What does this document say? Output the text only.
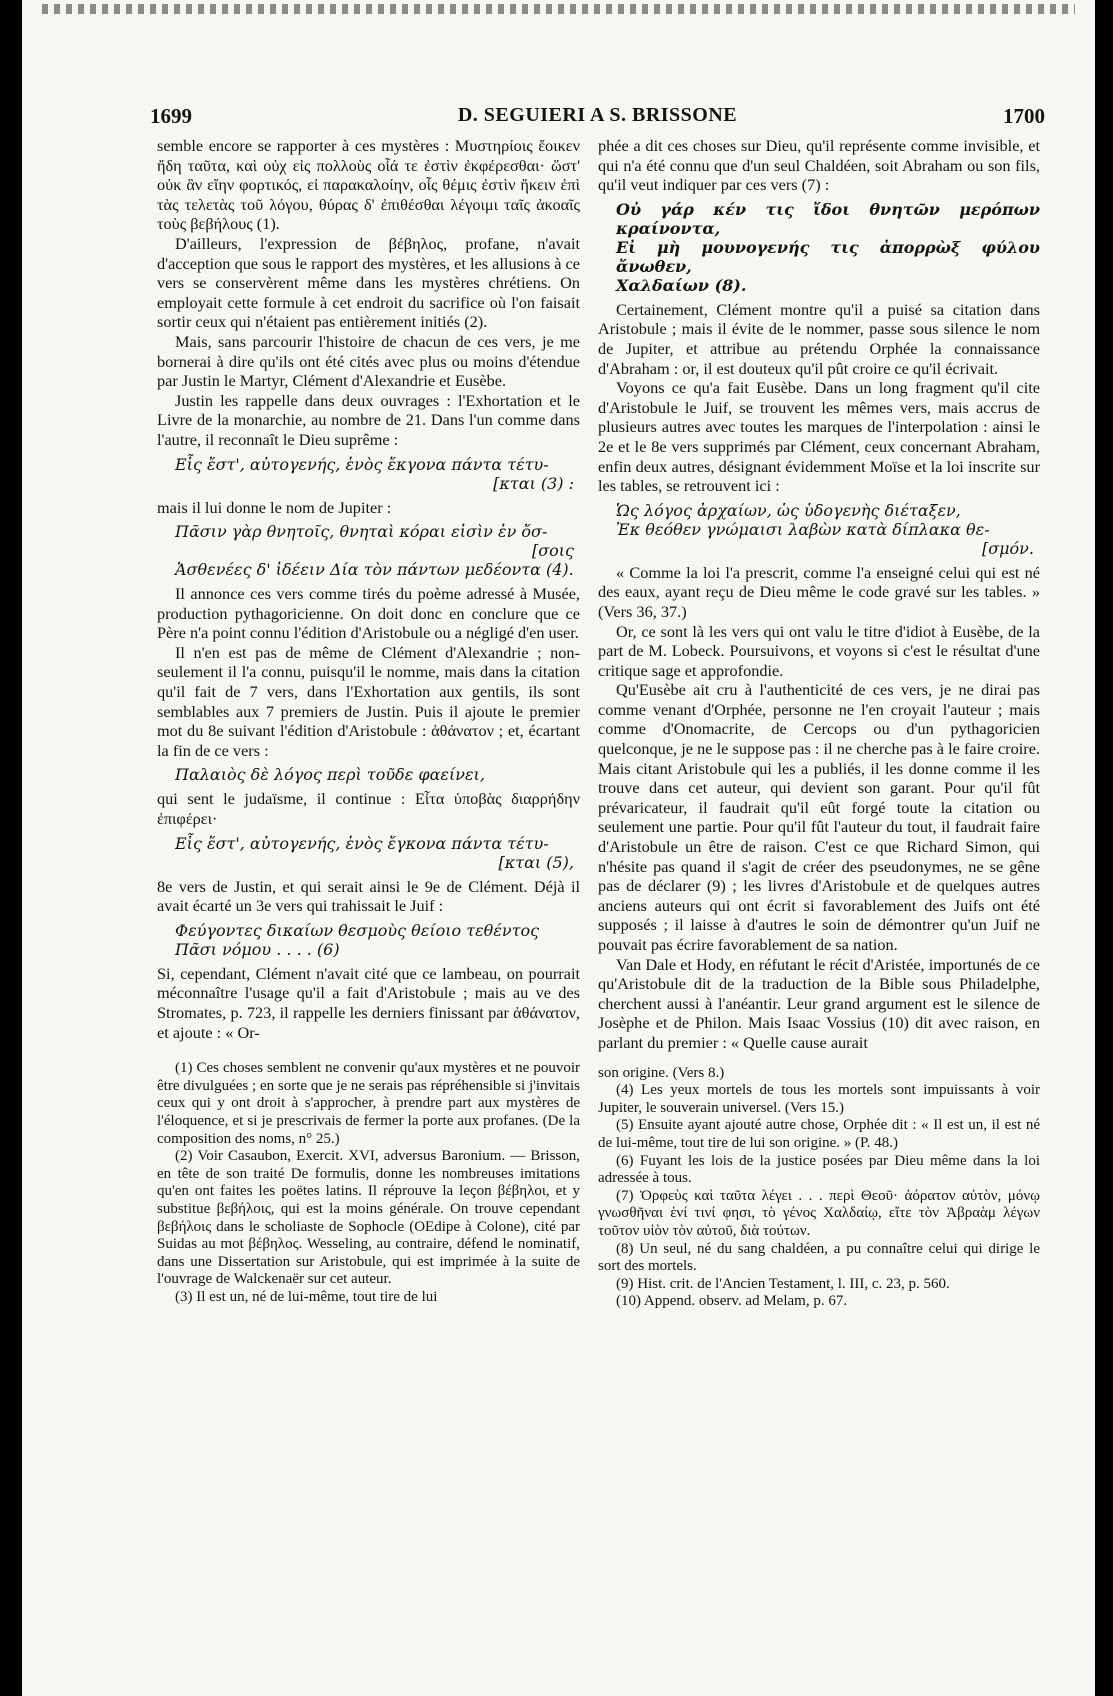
1699	D. SEGUIERI A S. BRISSONE	1700

semble encore se rapporter à ces mystères : Μυστηρίοις ἔοικεν ἤδη ταῦτα, καὶ οὐχ εἰς πολλοὺς οἷά τε ἐστὶν ἐκφέρεσθαι· ὥστ' οὐκ ἂν εἴην φορτικός, εἰ παρακαλοίην, οἷς θέμις ἐστὶν ἥκειν ἐπὶ τὰς τελετὰς τοῦ λόγου, θύρας δ' ἐπιθέσθαι λέγοιμι ταῖς ἀκοαῖς τοὺς βεβήλους (1).

D'ailleurs, l'expression de βέβηλος, profane, n'avait d'acception que sous le rapport des mystères, et les allusions à ce vers se conservèrent même dans les mystères chrétiens. On employait cette formule à cet endroit du sacrifice où l'on faisait sortir ceux qui n'étaient pas entièrement initiés (2).

Mais, sans parcourir l'histoire de chacun de ces vers, je me bornerai à dire qu'ils ont été cités avec plus ou moins d'étendue par Justin le Martyr, Clément d'Alexandrie et Eusèbe.

Justin les rappelle dans deux ouvrages : l'Exhortation et le Livre de la monarchie, au nombre de 21. Dans l'un comme dans l'autre, il reconnaît le Dieu suprême :

Εἷς ἔστ', αὐτογενής, ἑνὸς ἔκγονα πάντα τέτυ-
[κται (3) :

mais il lui donne le nom de Jupiter :

Πᾶσιν γὰρ θνητοῖς, θνηταὶ κόραι εἰσὶν ἐν ὄσ-
[σοις
Ἀσθενέες δ' ἰδέειν Δία τὸν πάντων μεδέοντα (4).

Il annonce ces vers comme tirés du poème adressé à Musée, production pythagoricienne. On doit donc en conclure que ce Père n'a point connu l'édition d'Aristobule ou a négligé d'en user.

Il n'en est pas de même de Clément d'Alexandrie ; non-seulement il l'a connu, puisqu'il le nomme, mais dans la citation qu'il fait de 7 vers, dans l'Exhortation aux gentils, ils sont semblables aux 7 premiers de Justin. Puis il ajoute le premier mot du 8e suivant l'édition d'Aristobule : ἀθάνατον ; et, écartant la fin de ce vers :

Παλαιὸς δὲ λόγος περὶ τοῦδε φαείνει,

qui sent le judaïsme, il continue : Εἶτα ὑποβὰς διαρρήδην ἐπιφέρει·

Εἷς ἔστ', αὐτογενής, ἑνὸς ἔγκονα πάντα τέτυ-
[κται (5),

8e vers de Justin, et qui serait ainsi le 9e de Clément. Déjà il avait écarté un 3e vers qui trahissait le Juif :

Φεύγοντες δικαίων θεσμοὺς θείοιο τεθέντος
Πᾶσι νόμου . . . . (6)

Si, cependant, Clément n'avait cité que ce lambeau, on pourrait méconnaître l'usage qu'il a fait d'Aristobule ; mais au ve des Stromates, p. 723, il rappelle les derniers finissant par ἀθάνατον, et ajoute : « Or-

(1) Ces choses semblent ne convenir qu'aux mystères et ne pouvoir être divulguées ; en sorte que je ne serais pas répréhensible si j'invitais ceux qui y ont droit à s'approcher, à prendre part aux mystères de l'éloquence, et si je prescrivais de fermer la porte aux profanes. (De la composition des noms, n° 25.)

(2) Voir Casaubon, Exercit. XVI, adversus Baronium. — Brisson, en tête de son traité De formulis, donne les nombreuses imitations qu'en ont faites les poëtes latins. Il réprouve la leçon βέβηλοι, et y substitue βεβήλοις, qui est la moins générale. On trouve cependant βεβήλοις dans le scholiaste de Sophocle (OEdipe à Colone), cité par Suidas au mot βέβηλος. Wesseling, au contraire, défend le nominatif, dans une Dissertation sur Aristobule, qui est imprimée à la suite de l'ouvrage de Walckenaër sur cet auteur.

(3) Il est un, né de lui-même, tout tire de lui

phée a dit ces choses sur Dieu, qu'il représente comme invisible, et qui n'a été connu que d'un seul Chaldéen, soit Abraham ou son fils, qu'il veut indiquer par ces vers (7) :

Οὐ γάρ κέν τις ἴδοι θνητῶν μερόπων κραίνοντα,
Εἰ μὴ μουνογενής τις ἀπορρὼξ φύλου ἄνωθεν,
Χαλδαίων (8).

Certainement, Clément montre qu'il a puisé sa citation dans Aristobule ; mais il évite de le nommer, passe sous silence le nom de Jupiter, et attribue au prétendu Orphée la connaissance d'Abraham : or, il est douteux qu'il pût croire ce qu'il écrivait.

Voyons ce qu'a fait Eusèbe. Dans un long fragment qu'il cite d'Aristobule le Juif, se trouvent les mêmes vers, mais accrus de plusieurs autres avec toutes les marques de l'interpolation : ainsi le 2e et le 8e vers supprimés par Clément, ceux concernant Abraham, enfin deux autres, désignant évidemment Moïse et la loi inscrite sur les tables, se retrouvent ici :

Ὡς λόγος ἀρχαίων, ὡς ὑδογενὴς διέταξεν,
Ἐκ θεόθεν γνώμαισι λαβὼν κατὰ δίπλακα θε-
[σμόν.

« Comme la loi l'a prescrit, comme l'a enseigné celui qui est né des eaux, ayant reçu de Dieu même le code gravé sur les tables. » (Vers 36, 37.)

Or, ce sont là les vers qui ont valu le titre d'idiot à Eusèbe, de la part de M. Lobeck. Poursuivons, et voyons si c'est le résultat d'une critique sage et approfondie.

Qu'Eusèbe ait cru à l'authenticité de ces vers, je ne dirai pas comme venant d'Orphée, personne ne l'en croyait l'auteur ; mais comme d'Onomacrite, de Cercops ou d'un pythagoricien quelconque, je ne le suppose pas : il ne cherche pas à le faire croire. Mais citant Aristobule qui les a publiés, il les donne comme il les trouve dans cet auteur, qui devient son garant. Pour qu'il fût prévaricateur, il faudrait qu'il eût forgé toute la citation ou seulement une partie. Pour qu'il fût l'auteur du tout, il faudrait faire d'Aristobule un être de raison. C'est ce que Richard Simon, qui n'hésite pas quand il s'agit de créer des pseudonymes, ne se gêne pas de déclarer (9) ; les livres d'Aristobule et de quelques autres anciens auteurs qui ont écrit si favorablement des Juifs ont été supposés ; il laisse à d'autres le soin de démontrer qu'un Juif ne pouvait pas écrire favorablement de sa nation.

Van Dale et Hody, en réfutant le récit d'Aristée, importunés de ce qu'Aristobule dit de la traduction de la Bible sous Philadelphe, cherchent aussi à l'anéantir. Leur grand argument est le silence de Josèphe et de Philon. Mais Isaac Vossius (10) dit avec raison, en parlant du premier : « Quelle cause aurait

son origine. (Vers 8.)

(4) Les yeux mortels de tous les mortels sont impuissants à voir Jupiter, le souverain universel. (Vers 15.)

(5) Ensuite ayant ajouté autre chose, Orphée dit : « Il est un, il est né de lui-même, tout tire de lui son origine. » (P. 48.)

(6) Fuyant les lois de la justice posées par Dieu même dans la loi adressée à tous.

(7) Ὀρφεὺς καὶ ταῦτα λέγει . . . περὶ Θεοῦ· ἀόρατον αὐτὸν, μόνῳ γνωσθῆναι ἑνί τινί φησι, τὸ γένος Χαλδαίῳ, εἴτε τὸν Ἀβραὰμ λέγων τοῦτον υἱὸν τὸν αὐτοῦ, διὰ τούτων.

(8) Un seul, né du sang chaldéen, a pu connaître celui qui dirige le sort des mortels.

(9) Hist. crit. de l'Ancien Testament, l. III, c. 23, p. 560.

(10) Append. observ. ad Melam, p. 67.
